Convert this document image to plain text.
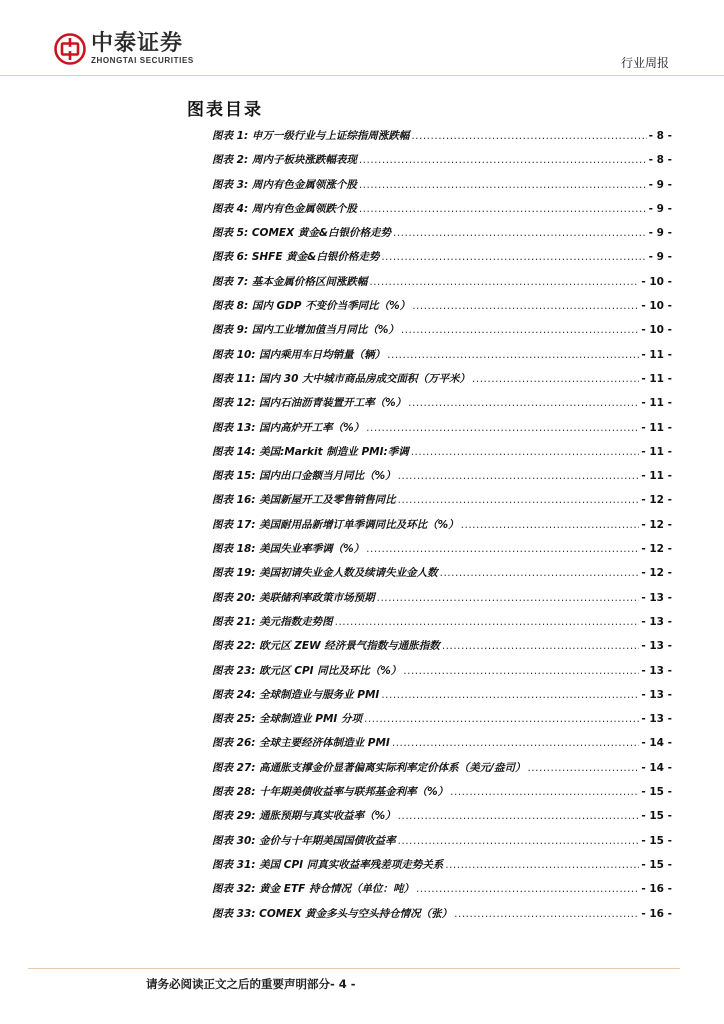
中泰证券
ZHONGTAI SECURITIES	行业周报
图表目录
图表 1: 申万一级行业与上证综指周涨跌幅 .....	- 8 -
图表 2: 周内子板块涨跌幅表现 .....	- 8 -
图表 3: 周内有色金属领涨个股 .....	- 9 -
图表 4: 周内有色金属领跌个股 .....	- 9 -
图表 5: COMEX 黄金&白银价格走势 .....	- 9 -
图表 6: SHFE 黄金&白银价格走势 .....	- 9 -
图表 7: 基本金属价格区间涨跌幅 .....	- 10 -
图表 8: 国内 GDP 不变价当季同比（%） .....	- 10 -
图表 9: 国内工业增加值当月同比（%） .....	- 10 -
图表 10: 国内乘用车日均销量（辆） .....	- 11 -
图表 11: 国内 30 大中城市商品房成交面积（万平米） .....	- 11 -
图表 12: 国内石油沥青装置开工率（%） .....	- 11 -
图表 13: 国内高炉开工率（%） .....	- 11 -
图表 14: 美国:Markit 制造业 PMI:季调 .....	- 11 -
图表 15: 国内出口金额当月同比（%） .....	- 11 -
图表 16: 美国新屋开工及零售销售同比 .....	- 12 -
图表 17: 美国耐用品新增订单季调同比及环比（%） .....	- 12 -
图表 18: 美国失业率季调（%） .....	- 12 -
图表 19: 美国初请失业金人数及续请失业金人数 .....	- 12 -
图表 20: 美联储利率政策市场预期 .....	- 13 -
图表 21: 美元指数走势图 .....	- 13 -
图表 22: 欧元区 ZEW 经济景气指数与通胀指数 .....	- 13 -
图表 23: 欧元区 CPI 同比及环比（%） .....	- 13 -
图表 24: 全球制造业与服务业 PMI .....	- 13 -
图表 25: 全球制造业 PMI 分项 .....	- 13 -
图表 26: 全球主要经济体制造业 PMI .....	- 14 -
图表 27: 高通胀支撑金价显著偏离实际利率定价体系（美元/盎司） .....	- 14 -
图表 28: 十年期美债收益率与联邦基金利率（%） .....	- 15 -
图表 29: 通胀预期与真实收益率（%） .....	- 15 -
图表 30: 金价与十年期美国国债收益率 .....	- 15 -
图表 31: 美国 CPI 同真实收益率残差项走势关系 .....	- 15 -
图表 32: 黄金 ETF 持仓情况（单位：吨） .....	- 16 -
图表 33: COMEX 黄金多头与空头持仓情况（张） .....	- 16 -
请务必阅读正文之后的重要声明部分- 4 -
